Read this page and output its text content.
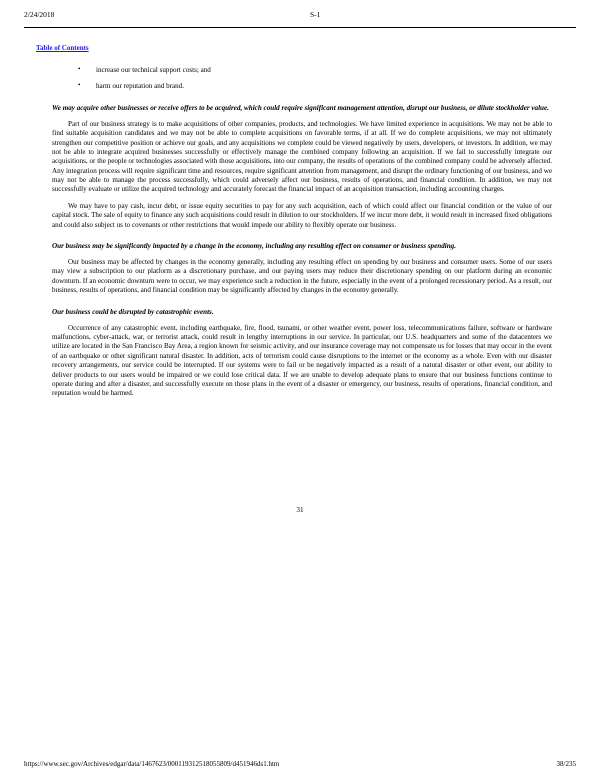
2/24/2018	S-1
Table of Contents
• increase our technical support costs; and
• harm our reputation and brand.
We may acquire other businesses or receive offers to be acquired, which could require significant management attention, disrupt our business, or dilute stockholder value.

Part of our business strategy is to make acquisitions of other companies, products, and technologies. We have limited experience in acquisitions. We may not be able to find suitable acquisition candidates and we may not be able to complete acquisitions on favorable terms, if at all. If we do complete acquisitions, we may not ultimately strengthen our competitive position or achieve our goals, and any acquisitions we complete could be viewed negatively by users, developers, or investors. In addition, we may not be able to integrate acquired businesses successfully or effectively manage the combined company following an acquisition. If we fail to successfully integrate our acquisitions, or the people or technologies associated with those acquisitions, into our company, the results of operations of the combined company could be adversely affected. Any integration process will require significant time and resources, require significant attention from management, and disrupt the ordinary functioning of our business, and we may not be able to manage the process successfully, which could adversely affect our business, results of operations, and financial condition. In addition, we may not successfully evaluate or utilize the acquired technology and accurately forecast the financial impact of an acquisition transaction, including accounting charges.

We may have to pay cash, incur debt, or issue equity securities to pay for any such acquisition, each of which could affect our financial condition or the value of our capital stock. The sale of equity to finance any such acquisitions could result in dilution to our stockholders. If we incur more debt, it would result in increased fixed obligations and could also subject us to covenants or other restrictions that would impede our ability to flexibly operate our business.

Our business may be significantly impacted by a change in the economy, including any resulting effect on consumer or business spending.

Our business may be affected by changes in the economy generally, including any resulting effect on spending by our business and consumer users. Some of our users may view a subscription to our platform as a discretionary purchase, and our paying users may reduce their discretionary spending on our platform during an economic downturn. If an economic downturn were to occur, we may experience such a reduction in the future, especially in the event of a prolonged recessionary period. As a result, our business, results of operations, and financial condition may be significantly affected by changes in the economy generally.

Our business could be disrupted by catastrophic events.

Occurrence of any catastrophic event, including earthquake, fire, flood, tsunami, or other weather event, power loss, telecommunications failure, software or hardware malfunctions, cyber-attack, war, or terrorist attack, could result in lengthy interruptions in our service. In particular, our U.S. headquarters and some of the datacenters we utilize are located in the San Francisco Bay Area, a region known for seismic activity, and our insurance coverage may not compensate us for losses that may occur in the event of an earthquake or other significant natural disaster. In addition, acts of terrorism could cause disruptions to the internet or the economy as a whole. Even with our disaster recovery arrangements, our service could be interrupted. If our systems were to fail or be negatively impacted as a result of a natural disaster or other event, our ability to deliver products to our users would be impaired or we could lose critical data. If we are unable to develop adequate plans to ensure that our business functions continue to operate during and after a disaster, and successfully execute on those plans in the event of a disaster or emergency, our business, results of operations, financial condition, and reputation would be harmed.

31
https://www.sec.gov/Archives/edgar/data/1467623/000119312518055809/d451946ds1.htm	38/235
